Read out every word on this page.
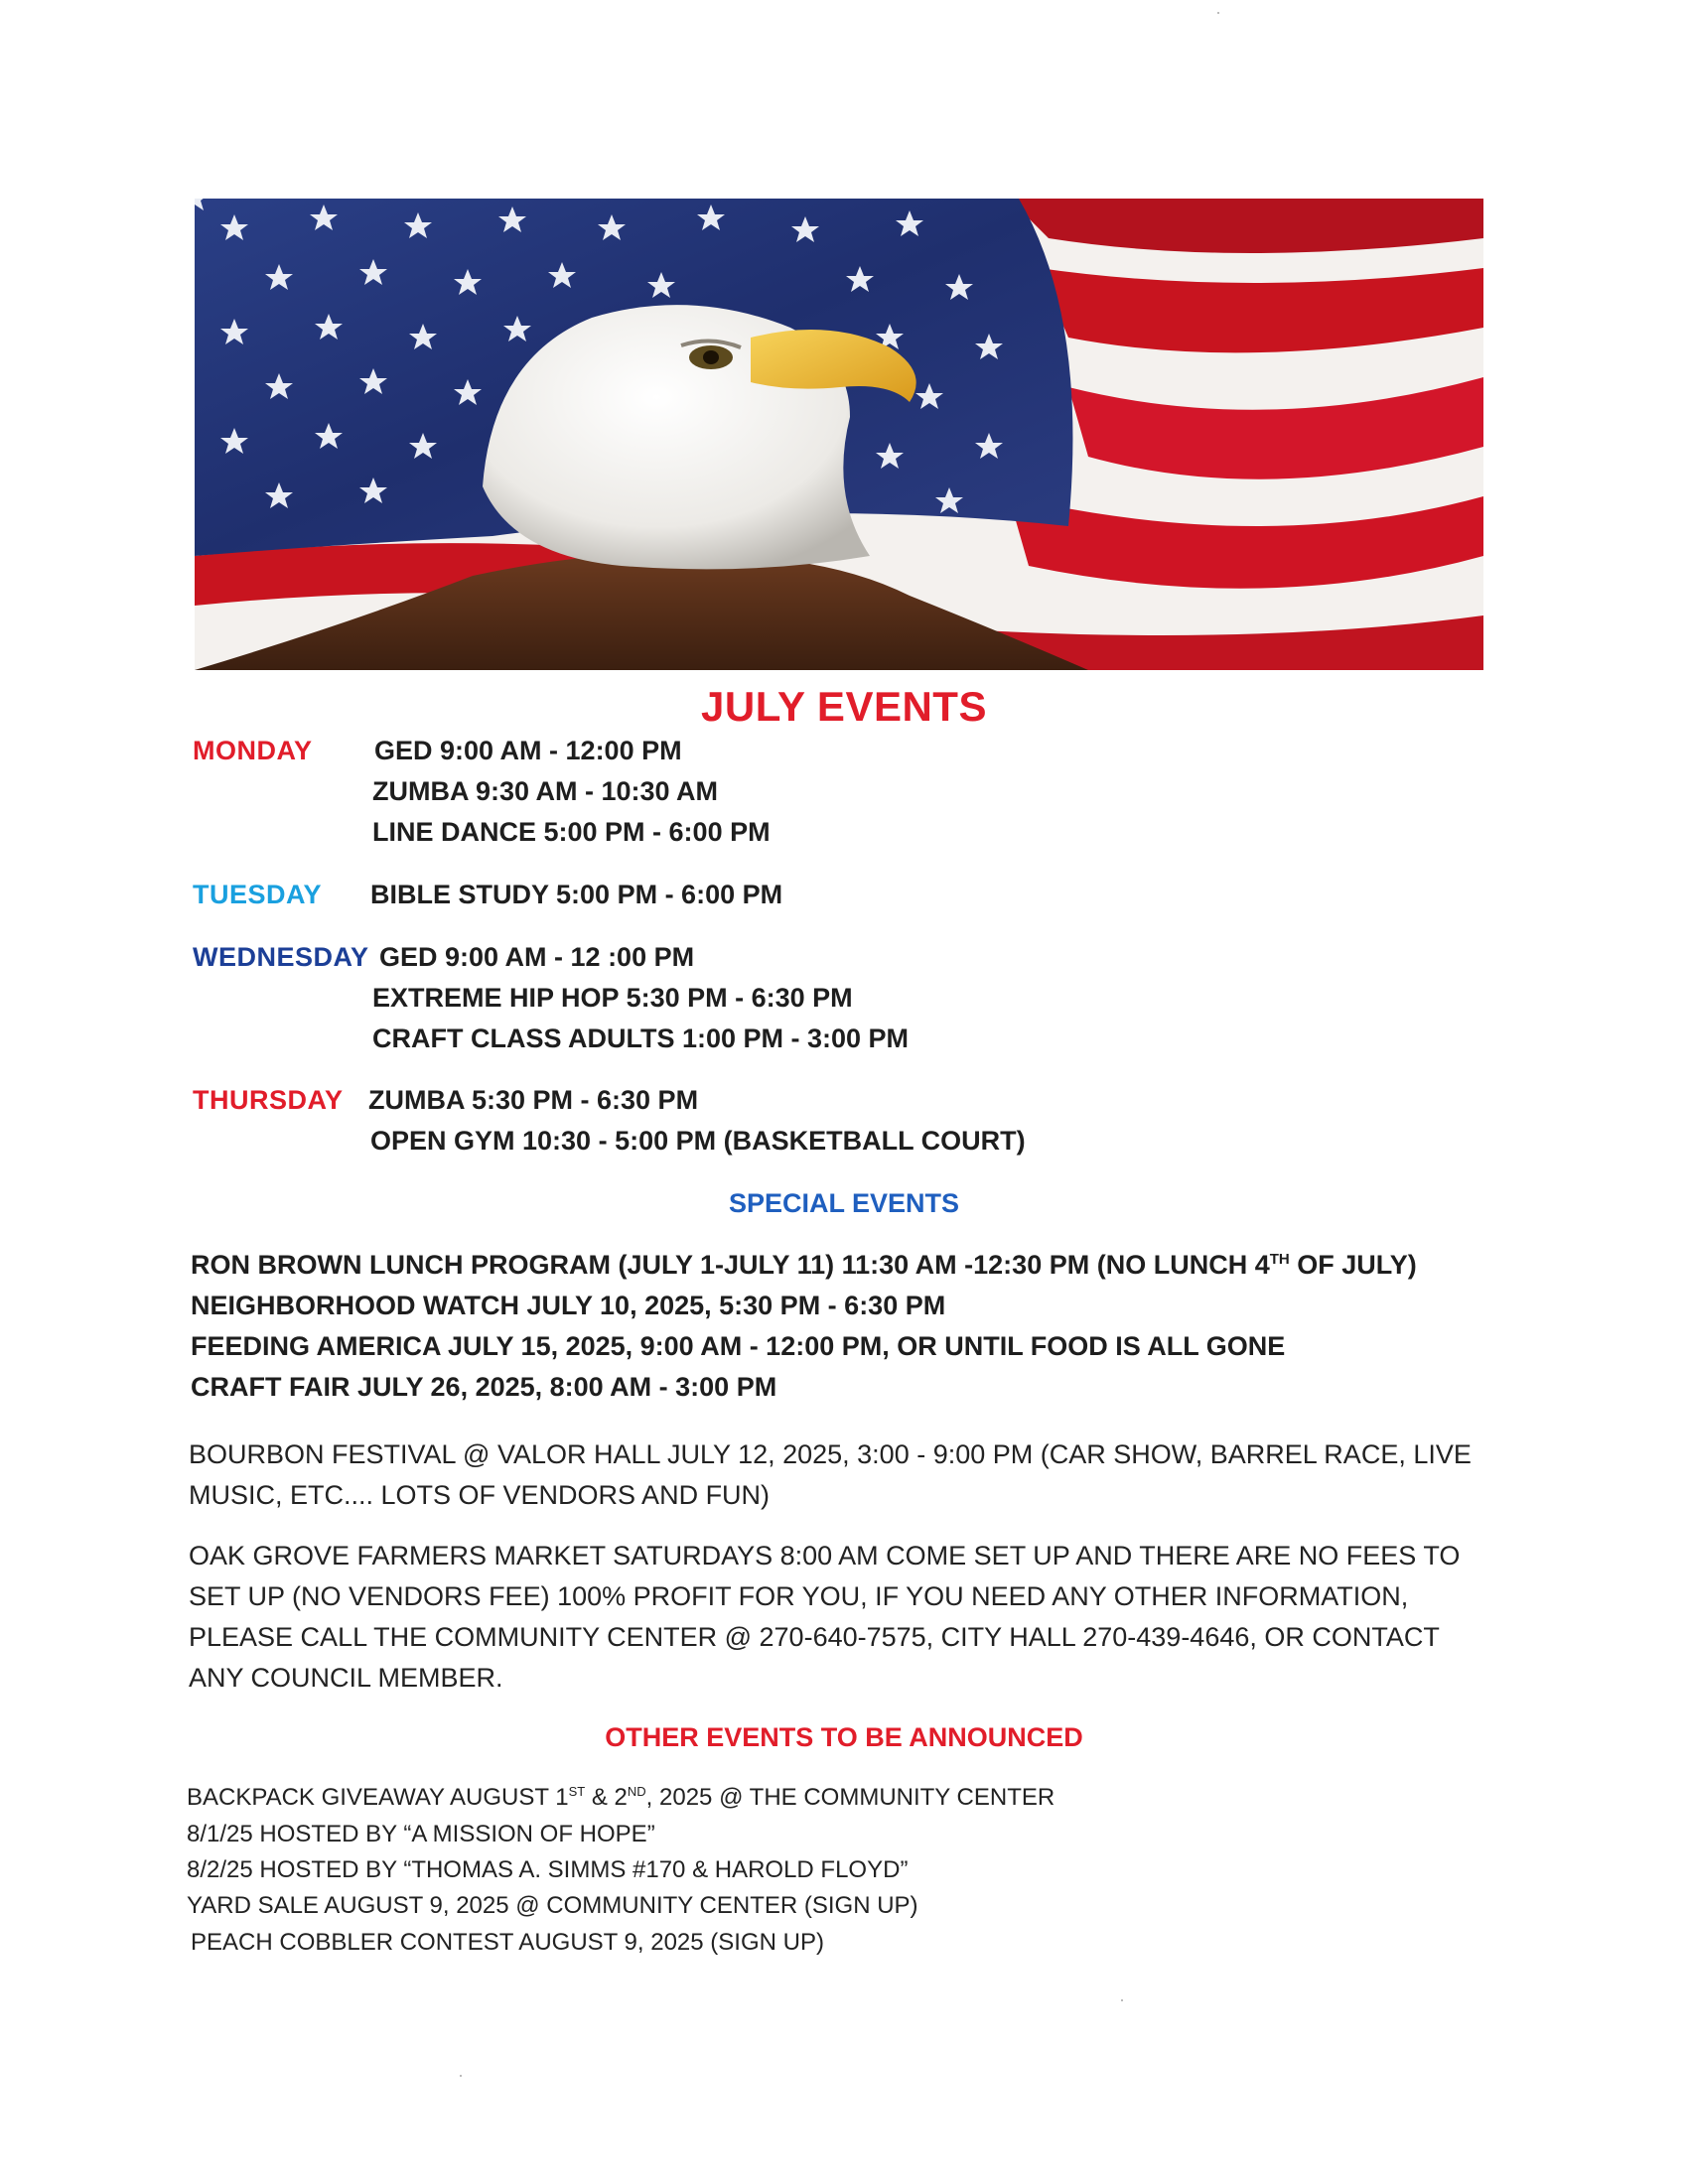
JULY EVENTS
MONDAY GED 9:00 AM - 12:00 PM
ZUMBA 9:30 AM - 10:30 AM
LINE DANCE 5:00 PM - 6:00 PM
TUESDAY BIBLE STUDY 5:00 PM - 6:00 PM
WEDNESDAY GED 9:00 AM - 12 :00 PM
EXTREME HIP HOP 5:30 PM - 6:30 PM
CRAFT CLASS ADULTS 1:00 PM - 3:00 PM
THURSDAY ZUMBA 5:30 PM - 6:30 PM
OPEN GYM 10:30 - 5:00 PM (BASKETBALL COURT)
SPECIAL EVENTS
RON BROWN LUNCH PROGRAM (JULY 1-JULY 11) 11:30 AM -12:30 PM (NO LUNCH 4TH OF JULY)
NEIGHBORHOOD WATCH JULY 10, 2025, 5:30 PM - 6:30 PM
FEEDING AMERICA JULY 15, 2025, 9:00 AM - 12:00 PM, OR UNTIL FOOD IS ALL GONE
CRAFT FAIR JULY 26, 2025, 8:00 AM - 3:00 PM
BOURBON FESTIVAL @ VALOR HALL JULY 12, 2025, 3:00 - 9:00 PM (CAR SHOW, BARREL RACE, LIVE MUSIC, ETC.... LOTS OF VENDORS AND FUN)
OAK GROVE FARMERS MARKET SATURDAYS 8:00 AM COME SET UP AND THERE ARE NO FEES TO SET UP (NO VENDORS FEE) 100% PROFIT FOR YOU, IF YOU NEED ANY OTHER INFORMATION, PLEASE CALL THE COMMUNITY CENTER @ 270-640-7575, CITY HALL 270-439-4646, OR CONTACT ANY COUNCIL MEMBER.
OTHER EVENTS TO BE ANNOUNCED
BACKPACK GIVEAWAY AUGUST 1ST & 2ND, 2025 @ THE COMMUNITY CENTER
8/1/25 HOSTED BY “A MISSION OF HOPE”
8/2/25 HOSTED BY “THOMAS A. SIMMS #170 & HAROLD FLOYD”
YARD SALE AUGUST 9, 2025 @ COMMUNITY CENTER (SIGN UP)
PEACH COBBLER CONTEST AUGUST 9, 2025 (SIGN UP)
